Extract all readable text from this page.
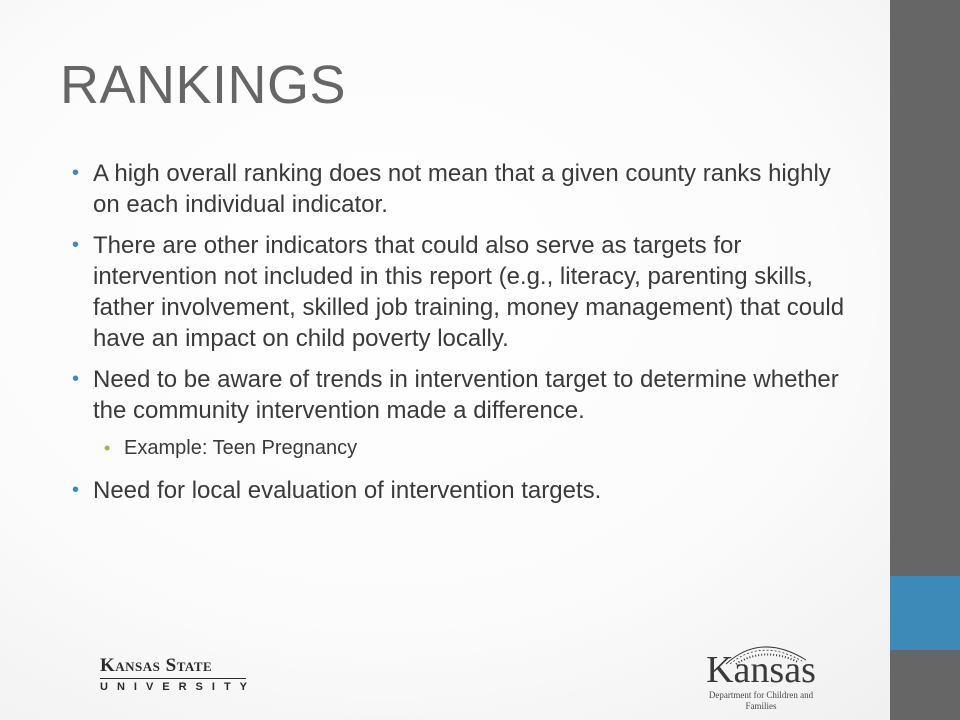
RANKINGS
• A high overall ranking does not mean that a given county ranks highly on each individual indicator.
• There are other indicators that could also serve as targets for intervention not included in this report (e.g., literacy, parenting skills, father involvement, skilled job training, money management) that could have an impact on child poverty locally.
• Need to be aware of trends in intervention target to determine whether the community intervention made a difference.
• Example: Teen Pregnancy
• Need for local evaluation of intervention targets.
Kansas State
UNIVERSITY	Kansas
Department for Children and Families
